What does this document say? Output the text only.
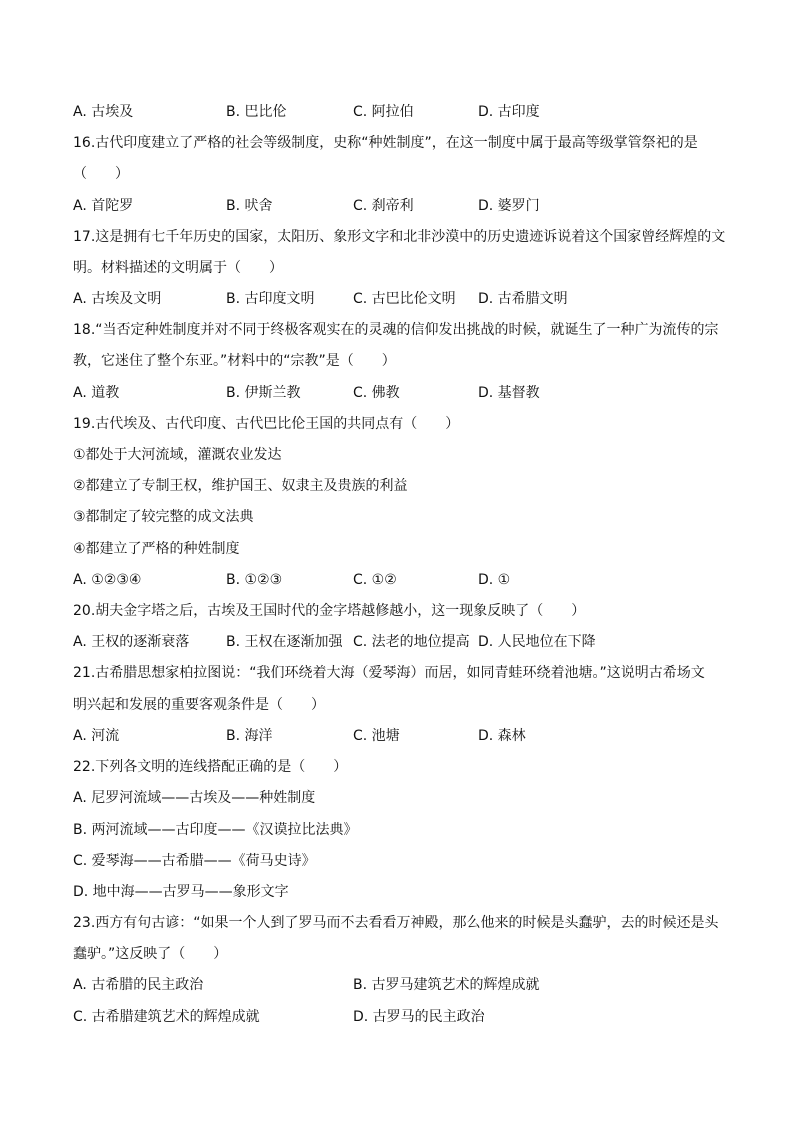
A. 古埃及	B. 巴比伦	C. 阿拉伯	D. 古印度
16.古代印度建立了严格的社会等级制度，史称“种姓制度”，在这一制度中属于最高等级掌管祭祀的是
（　　）
A. 首陀罗	B. 吠舍	C. 刹帝利	D. 婆罗门
17.这是拥有七千年历史的国家，太阳历、象形文字和北非沙漠中的历史遗迹诉说着这个国家曾经辉煌的文
明。材料描述的文明属于（　　）
A. 古埃及文明	B. 古印度文明	C. 古巴比伦文明 D. 古希腊文明
18.“当否定种姓制度并对不同于终极客观实在的灵魂的信仰发出挑战的时候，就诞生了一种广为流传的宗
教，它迷住了整个东亚。”材料中的“宗教”是（　　）
A. 道教	B. 伊斯兰教	C. 佛教	D. 基督教
19.古代埃及、古代印度、古代巴比伦王国的共同点有（　　）
①都处于大河流域，灌溉农业发达
②都建立了专制王权，维护国王、奴隶主及贵族的利益
③都制定了较完整的成文法典
④都建立了严格的种姓制度
A. ①②③④	B. ①②③	C. ①②	D. ①
20.胡夫金字塔之后，古埃及王国时代的金字塔越修越小，这一现象反映了（　　）
A. 王权的逐渐衰落	B. 王权在逐渐加强 C. 法老的地位提高 D. 人民地位在下降
21.古希腊思想家柏拉图说：“我们环绕着大海（爱琴海）而居，如同青蛙环绕着池塘。”这说明古希场文
明兴起和发展的重要客观条件是（　　）
A. 河流	B. 海洋	C. 池塘	D. 森林
22.下列各文明的连线搭配正确的是（　　）
A. 尼罗河流域——古埃及——种姓制度
B. 两河流域——古印度——《汉谟拉比法典》
C. 爱琴海——古希腊——《荷马史诗》
D. 地中海——古罗马——象形文字
23.西方有句古谚：“如果一个人到了罗马而不去看看万神殿，那么他来的时候是头蠢驴，去的时候还是头
蠢驴。”这反映了（　　）
A. 古希腊的民主政治	B. 古罗马建筑艺术的辉煌成就
C. 古希腊建筑艺术的辉煌成就	D. 古罗马的民主政治
